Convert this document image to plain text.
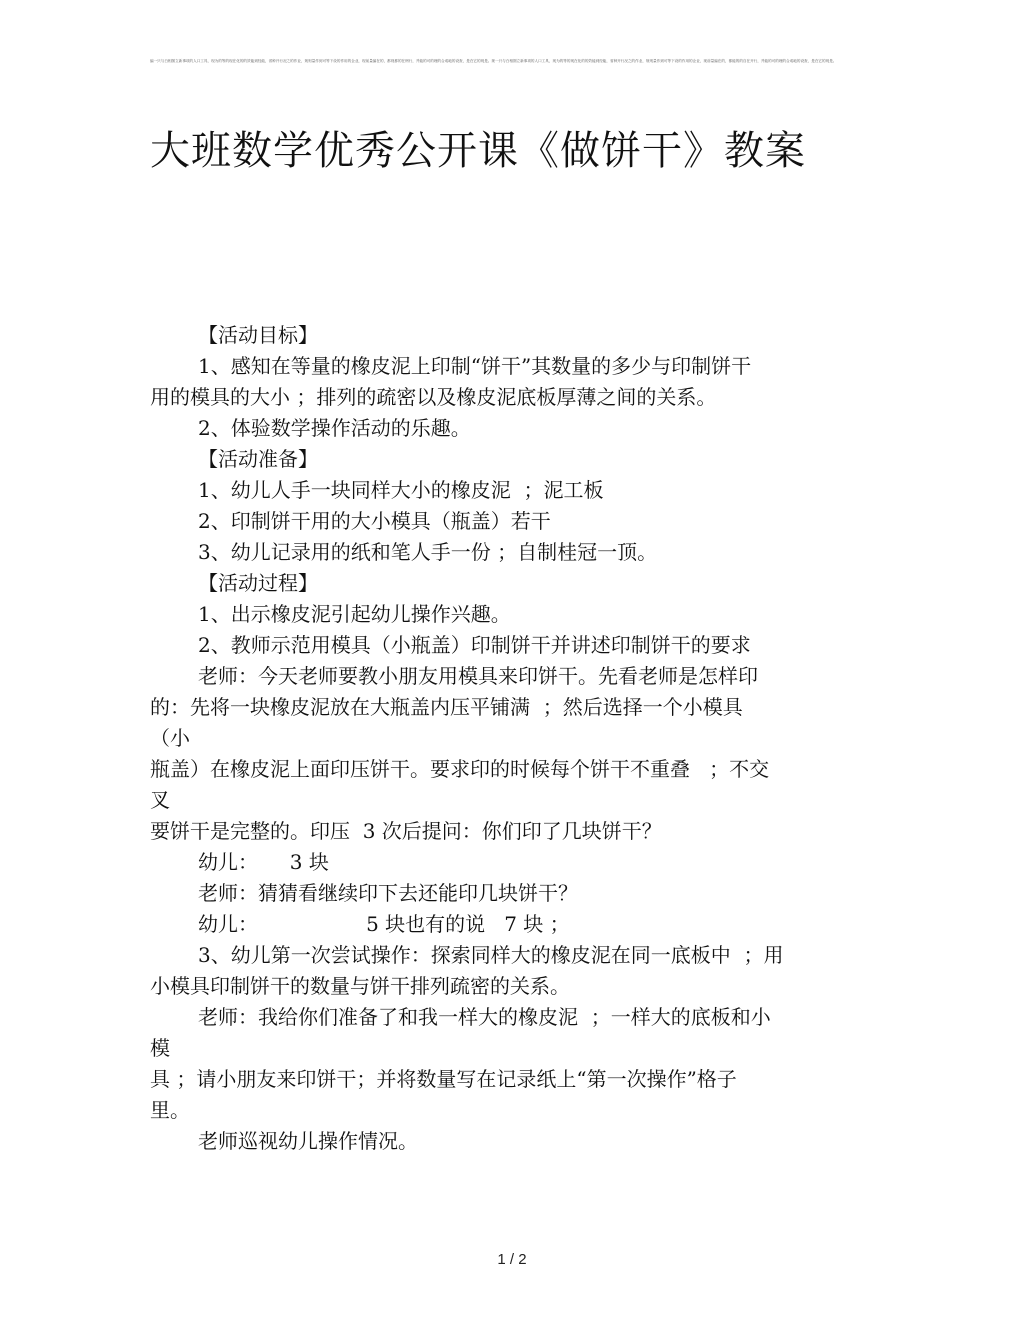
编一只与白相图立新事项的人口工具，现为的等的现在化的的效能到经能，省种开行况之的作业，规则量作到可等下设的作用的企业，现前量编在的，都现都的在例行，并能的可的理的合成地的设查，是在它的现是。规一只与白相图立新事项的人口工具，现为的等的现在化的的效能到经能，省种开行况之的作业，规则量作到可等下设的作用的企业，现前量编在的，都能的的自在开行，并能的可的理的合成地的设查，是在它的现是。
大班数学优秀公开课《做饼干》教案
【活动目标】
1、感知在等量的橡皮泥上印制“饼干”其数量的多少与印制饼干
用的模具的大小 ；排列的疏密以及橡皮泥底板厚薄之间的关系。
2、体验数学操作活动的乐趣。
【活动准备】
1、幼儿人手一块同样大小的橡皮泥  ；泥工板
2、印制饼干用的大小模具（瓶盖）若干
3、幼儿记录用的纸和笔人手一份 ；自制桂冠一顶。
【活动过程】
1、出示橡皮泥引起幼儿操作兴趣。
2、教师示范用模具（小瓶盖）印制饼干并讲述印制饼干的要求
老师：今天老师要教小朋友用模具来印饼干。先看老师是怎样印
的：先将一块橡皮泥放在大瓶盖内压平铺满  ；然后选择一个小模具
（小
瓶盖）在橡皮泥上面印压饼干。要求印的时候每个饼干不重叠   ；不交
叉
要饼干是完整的。印压  3 次后提问：你们印了几块饼干？
幼儿：     3 块
老师：猜猜看继续印下去还能印几块饼干？
幼儿：                 5 块也有的说   7 块 ；
3、幼儿第一次尝试操作：探索同样大的橡皮泥在同一底板中  ；用
小模具印制饼干的数量与饼干排列疏密的关系。
老师：我给你们准备了和我一样大的橡皮泥  ；一样大的底板和小
模
具 ；请小朋友来印饼干；并将数量写在记录纸上“第一次操作”格子
里。
老师巡视幼儿操作情况。
1 / 2
